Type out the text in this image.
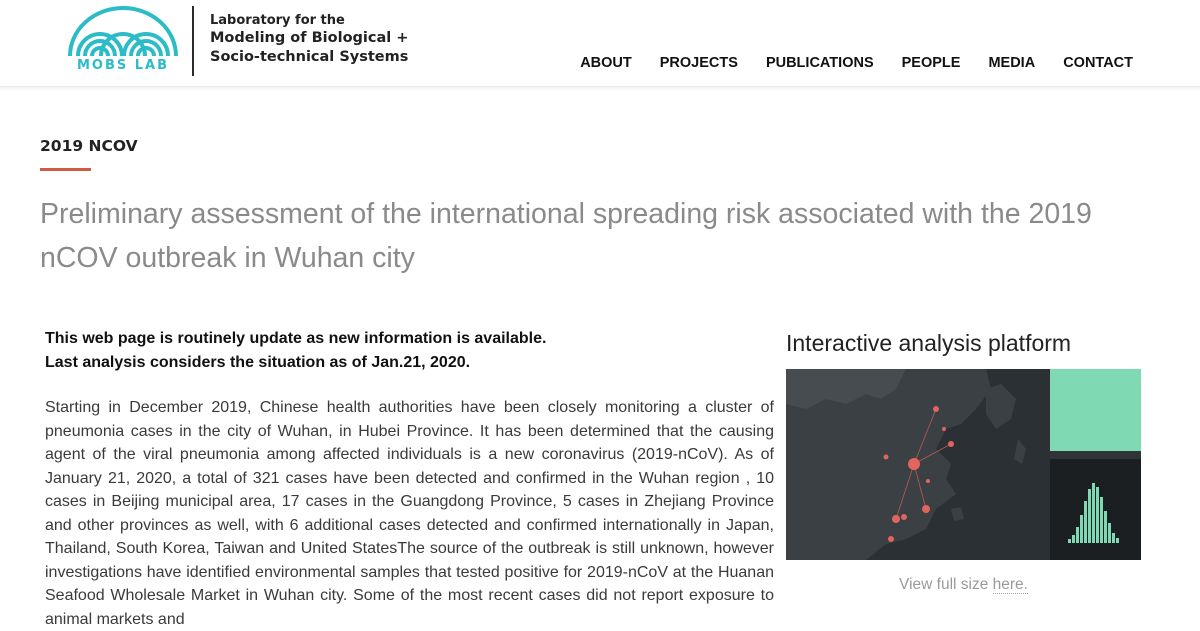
MOBS LAB
Laboratory for the
Modeling of Biological +
Socio-technical Systems	ABOUT PROJECTS PUBLICATIONS PEOPLE MEDIA CONTACT
2019 NCOV
Preliminary assessment of the international spreading risk associated with the 2019 nCOV outbreak in Wuhan city
This web page is routinely update as new information is available.
Last analysis considers the situation as of Jan.21, 2020.

Starting in December 2019, Chinese health authorities have been closely monitoring a cluster of pneumonia cases in the city of Wuhan, in Hubei Province. It has been determined that the causing agent of the viral pneumonia among affected individuals is a new coronavirus (2019-nCoV). As of January 21, 2020, a total of 321 cases have been detected and confirmed in the Wuhan region , 10 cases in Beijing municipal area, 17 cases in the Guangdong Province, 5 cases in Zhejiang Province and other provinces as well, with 6 additional cases detected and confirmed internationally in Japan, Thailand, South Korea, Taiwan and United StatesThe source of the outbreak is still unknown, however investigations have identified environmental samples that tested positive for 2019-nCoV at the Huanan Seafood Wholesale Market in Wuhan city. Some of the most recent cases did not report exposure to animal markets and

Interactive analysis platform
View full size here.
